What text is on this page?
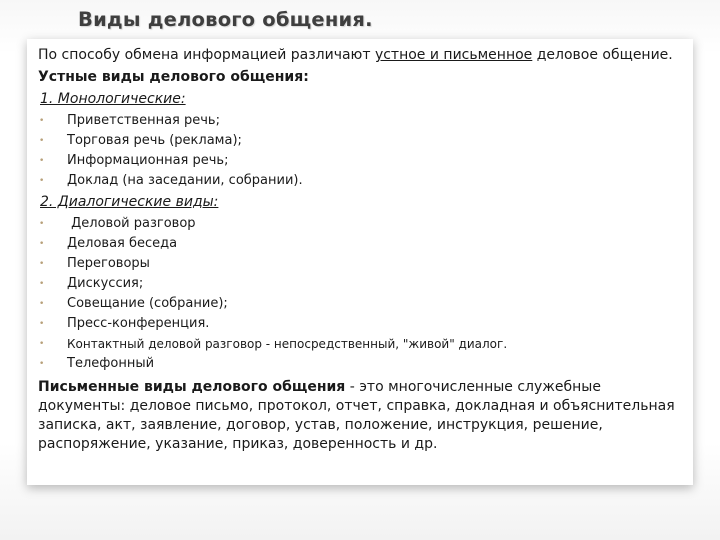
Виды делового общения.

По способу обмена информацией различают устное и письменное деловое общение.

Устные виды делового общения:

1. Монологические:

• Приветственная речь;
• Торговая речь (реклама);
• Информационная речь;
• Доклад (на заседании, собрании).

2. Диалогические виды:

• Деловой разговор
• Деловая беседа
• Переговоры
• Дискуссия;
• Совещание (собрание);
• Пресс-конференция.
• Контактный деловой разговор - непосредственный, "живой" диалог.
• Телефонный

Письменные виды делового общения - это многочисленные служебные документы: деловое письмо, протокол, отчет, справка, докладная и объяснительная записка, акт, заявление, договор, устав, положение, инструкция, решение, распоряжение, указание, приказ, доверенность и др.
